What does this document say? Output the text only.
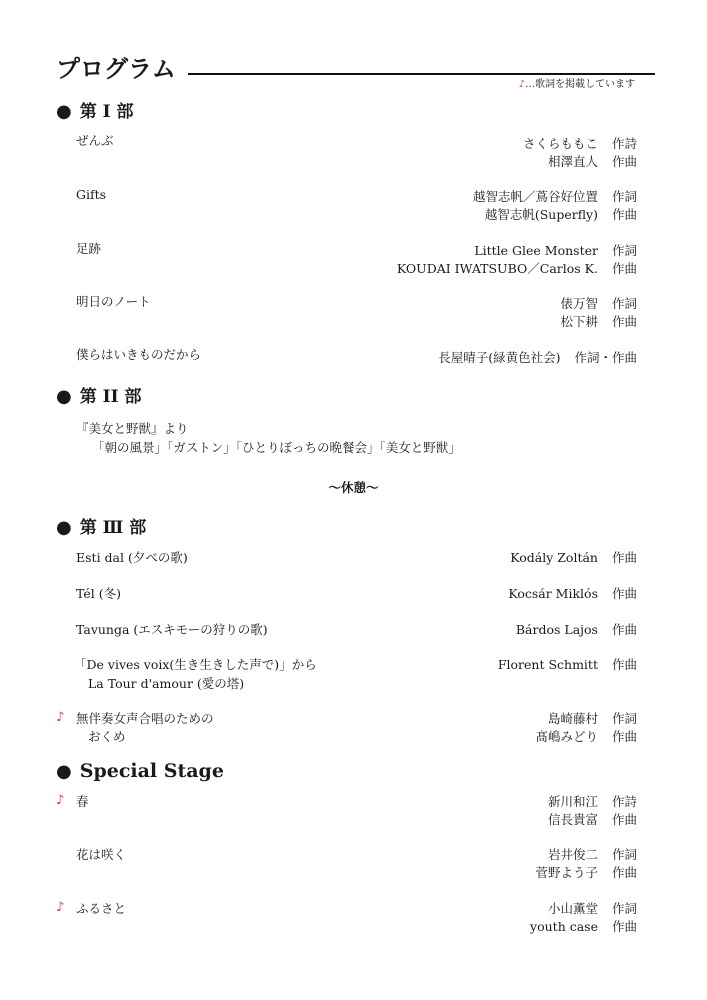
プログラム
♪…歌詞を掲載しています
● 第 I 部
ぜんぶ	さくらももこ 作詩
相澤直人 作曲
Gifts	越智志帆／蔦谷好位置 作詞
越智志帆(Superfly) 作曲
足跡	Little Glee Monster 作詞
KOUDAI IWATSUBO／Carlos K. 作曲
明日のノート	俵万智 作詞
松下耕 作曲
僕らはいきものだから	長屋晴子(緑黄色社会) 作詞・作曲
● 第 II 部
『美女と野獣』より
「朝の風景」「ガストン」「ひとりぼっちの晩餐会」「美女と野獣」
〜休憩〜
● 第 Ⅲ 部
Esti dal (夕べの歌)	Kodály Zoltán 作曲
Tél (冬)	Kocsár Miklós 作曲
Tavunga (エスキモーの狩りの歌)	Bárdos Lajos 作曲
「De vives voix(生き生きした声で)」から
La Tour d'amour (愛の塔)
Florent Schmitt 作曲
♪ 無伴奏女声合唱のための
おくめ
島崎藤村 作詞
髙嶋みどり 作曲
● Special Stage
♪ 春	新川和江 作詩
信長貴富 作曲
花は咲く	岩井俊二 作詞
菅野よう子 作曲
♪ ふるさと	小山薫堂 作詞
youth case 作曲
